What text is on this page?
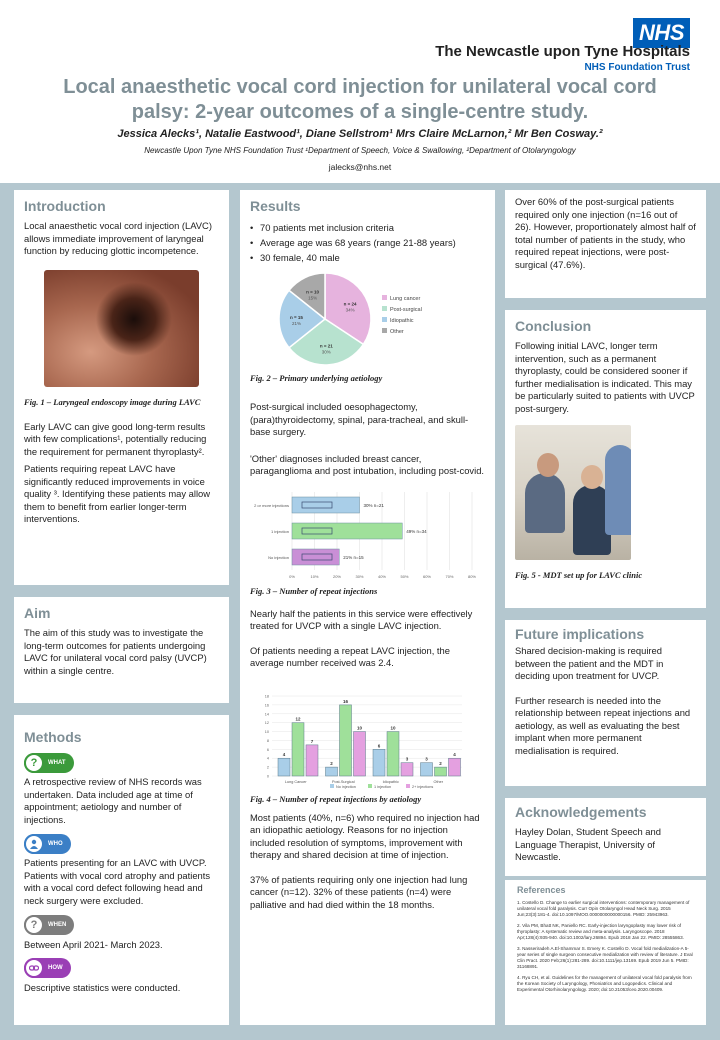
NHS
The Newcastle upon Tyne Hospitals
NHS Foundation Trust
Local anaesthetic vocal cord injection for unilateral vocal cord palsy: 2-year outcomes of a single-centre study.
Jessica Alecks¹, Natalie Eastwood¹, Diane Sellstrom¹ Mrs Claire McLarnon,² Mr Ben Cosway.²
Newcastle Upon Tyne NHS Foundation Trust ¹Department of Speech, Voice & Swallowing, ²Department of Otolaryngology
jalecks@nhs.net
Introduction

Local anaesthetic vocal cord injection (LAVC) allows immediate improvement of laryngeal function by reducing glottic incompetence.

Fig. 1 – Laryngeal endoscopy image during LAVC

Early LAVC can give good long-term results with few complications¹, potentially reducing the requirement for permanent thyroplasty².

Patients requiring repeat LAVC have significantly reduced improvements in voice quality ³. Identifying these patients may allow them to benefit from earlier longer-term interventions.

Aim

The aim of this study was to investigate the long-term outcomes for patients undergoing LAVC for unilateral vocal cord palsy (UVCP) within a single centre.

Methods
?	WHAT

A retrospective review of NHS records was undertaken. Data included age at time of appointment; aetiology and number of injections.

WHO

Patients presenting for an LAVC with UVCP. Patients with vocal cord atrophy and patients with a vocal cord defect following head and neck surgery were excluded.

?	WHEN

Between April 2021- March 2023.

HOW

Descriptive statistics were conducted.

Results
• 70 patients met inclusion criteria
• Average age was 68 years (range 21-88 years)
• 30 female, 40 male
n = 24
34%
n = 21
30%
n = 15
21%
n = 10
15%	Lung cancer
Post-surgical
Idiopathic
Other

Fig. 2 – Primary underlying aetiology

Post-surgical included oesophagectomy, (para)thyroidectomy, spinal, para-tracheal, and skull-base surgery.

'Other' diagnoses included breast cancer, paraganglioma and post intubation, including post-covid.

0%	10%	20%	30%	40%	50%	60%	70%	80%
2 or more injections	30% n=21
1 injection	49% n=34
No injection	21% n=15

Fig. 3 – Number of repeat injections

Nearly half the patients in this service were effectively treated for UVCP with a single LAVC injection.

Of patients needing a repeat LAVC injection, the average number received was 2.4.

0
2
4
6
8
10
12
14
16
18
4
12
7
Lung Cancer
2
16
10
Post-Surgical
6
10
3
Idiopathic
3
2
4
Other
No injection	1 injection	2+ injections

Fig. 4 – Number of repeat injections by aetiology

Most patients (40%, n=6) who required no injection had an idiopathic aetiology. Reasons for no injection included resolution of symptoms, improvement with therapy and shared decision at time of injection.

37% of patients requiring only one injection had lung cancer (n=12). 32% of these patients (n=4) were palliative and had died within the 18 months.

Over 60% of the post-surgical patients required only one injection (n=16 out of 26). However, proportionately almost half of total number of patients in the study, who required repeat injections, were post-surgical (47.6%).

Conclusion

Following initial LAVC, longer term intervention, such as a permanent thyroplasty, could be considered sooner if further medialisation is indicated. This may be particularly suited to patients with UVCP post-surgery.

Fig. 5 - MDT set up for LAVC clinic

Future implications

Shared decision-making is required between the patient and the MDT in deciding upon treatment for UVCP.

Further research is needed into the relationship between repeat injections and aetiology, as well as evaluating the best implant when more permanent medialisation is required.

Acknowledgements

Hayley Dolan, Student Speech and Language Therapist, University of Newcastle.

References

1. Costello D. Change to earlier surgical interventions: contemporary management of unilateral vocal fold paralysis. Curr Opin Otolaryngol Head Neck Surg. 2015 Jun;23(3):181-4. doi:10.1097/MOO.0000000000000156. PMID: 25943963.

2. Vila PM, Bhatt NK, Paniello RC. Early-injection laryngoplasty may lower risk of thyroplasty: A systematic review and meta-analysis. Laryngoscope. 2018 Apr;128(4):935-940. doi:10.1002/lary.26894. Epub 2018 Jan 22. PMID: 28555863.

3. Nasseriradeh A.El-Shammar S. Emery K. Costello D. Vocal fold medialization-A 5-year series of single surgeon consecutive medialization with review of literature. J Eval Clin Pract. 2020 Feb;26(1):281-289. doi:10.1111/jep.13169. Epub 2019 Jun 5. PMID: 31168891.

4. Ryu CH, et al. Guidelines for the management of unilateral vocal fold paralysis from the Korean Society of Laryngology, Phoniatrics and Logopedics. Clinical and Experimental Otorhinolaryngology. 2020; doi:10.21053/ceo.2020.00409.
